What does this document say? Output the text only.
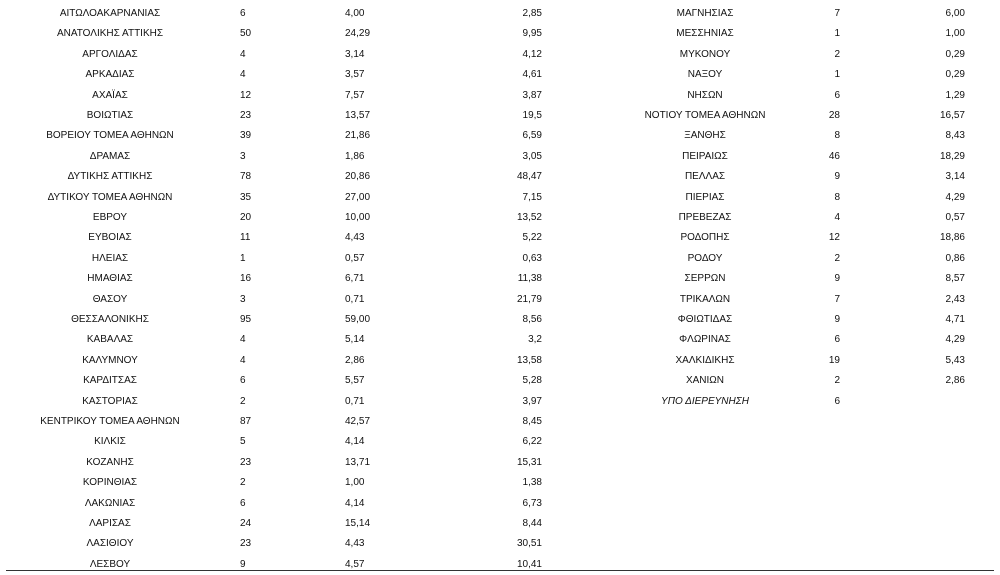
ΑΙΤΩΛΟΑΚΑΡΝΑΝΙΑΣ	6	4,00	2,85	ΜΑΓΝΗΣΙΑΣ	7	6,00
ΑΝΑΤΟΛΙΚΗΣ ΑΤΤΙΚΗΣ	50	24,29	9,95	ΜΕΣΣΗΝΙΑΣ	1	1,00
ΑΡΓΟΛΙΔΑΣ	4	3,14	4,12	ΜΥΚΟΝΟΥ	2	0,29
ΑΡΚΑΔΙΑΣ	4	3,57	4,61	ΝΑΞΟΥ	1	0,29
ΑΧΑΪΑΣ	12	7,57	3,87	ΝΗΣΩΝ	6	1,29
ΒΟΙΩΤΙΑΣ	23	13,57	19,5	ΝΟΤΙΟΥ ΤΟΜΕΑ ΑΘΗΝΩΝ	28	16,57
ΒΟΡΕΙΟΥ ΤΟΜΕΑ ΑΘΗΝΩΝ	39	21,86	6,59	ΞΑΝΘΗΣ	8	8,43
ΔΡΑΜΑΣ	3	1,86	3,05	ΠΕΙΡΑΙΩΣ	46	18,29
ΔΥΤΙΚΗΣ ΑΤΤΙΚΗΣ	78	20,86	48,47	ΠΕΛΛΑΣ	9	3,14
ΔΥΤΙΚΟΥ ΤΟΜΕΑ ΑΘΗΝΩΝ	35	27,00	7,15	ΠΙΕΡΙΑΣ	8	4,29
ΕΒΡΟΥ	20	10,00	13,52	ΠΡΕΒΕΖΑΣ	4	0,57
ΕΥΒΟΙΑΣ	11	4,43	5,22	ΡΟΔΟΠΗΣ	12	18,86
ΗΛΕΙΑΣ	1	0,57	0,63	ΡΟΔΟΥ	2	0,86
ΗΜΑΘΙΑΣ	16	6,71	11,38	ΣΕΡΡΩΝ	9	8,57
ΘΑΣΟΥ	3	0,71	21,79	ΤΡΙΚΑΛΩΝ	7	2,43
ΘΕΣΣΑΛΟΝΙΚΗΣ	95	59,00	8,56	ΦΘΙΩΤΙΔΑΣ	9	4,71
ΚΑΒΑΛΑΣ	4	5,14	3,2	ΦΛΩΡΙΝΑΣ	6	4,29
ΚΑΛΥΜΝΟΥ	4	2,86	13,58	ΧΑΛΚΙΔΙΚΗΣ	19	5,43
ΚΑΡΔΙΤΣΑΣ	6	5,57	5,28	ΧΑΝΙΩΝ	2	2,86
ΚΑΣΤΟΡΙΑΣ	2	0,71	3,97	ΥΠΟ ΔΙΕΡΕΥΝΗΣΗ	6
ΚΕΝΤΡΙΚΟΥ ΤΟΜΕΑ ΑΘΗΝΩΝ	87	42,57	8,45
ΚΙΛΚΙΣ	5	4,14	6,22
ΚΟΖΑΝΗΣ	23	13,71	15,31
ΚΟΡΙΝΘΙΑΣ	2	1,00	1,38
ΛΑΚΩΝΙΑΣ	6	4,14	6,73
ΛΑΡΙΣΑΣ	24	15,14	8,44
ΛΑΣΙΘΙΟΥ	23	4,43	30,51
ΛΕΣΒΟΥ	9	4,57	10,41
